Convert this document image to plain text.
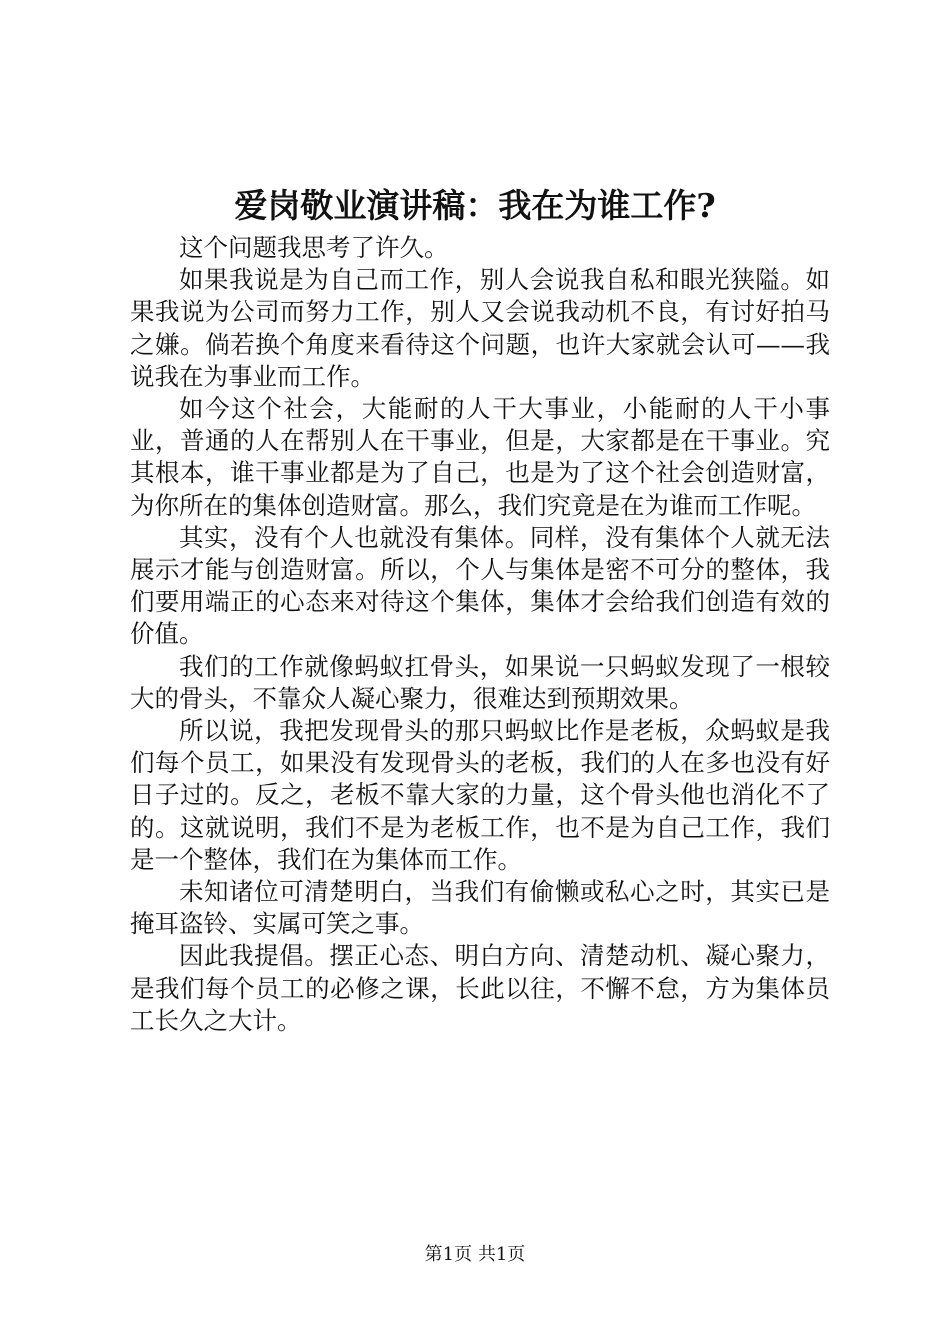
爱岗敬业演讲稿：我在为谁工作?

这个问题我思考了许久。

如果我说是为自己而工作，别人会说我自私和眼光狭隘。如果我说为公司而努力工作，别人又会说我动机不良，有讨好拍马之嫌。倘若换个角度来看待这个问题，也许大家就会认可——我说我在为事业而工作。

如今这个社会，大能耐的人干大事业，小能耐的人干小事业，普通的人在帮别人在干事业，但是，大家都是在干事业。究其根本，谁干事业都是为了自己，也是为了这个社会创造财富，为你所在的集体创造财富。那么，我们究竟是在为谁而工作呢。

其实，没有个人也就没有集体。同样，没有集体个人就无法展示才能与创造财富。所以，个人与集体是密不可分的整体，我们要用端正的心态来对待这个集体，集体才会给我们创造有效的价值。

我们的工作就像蚂蚁扛骨头，如果说一只蚂蚁发现了一根较大的骨头，不靠众人凝心聚力，很难达到预期效果。

所以说，我把发现骨头的那只蚂蚁比作是老板，众蚂蚁是我们每个员工，如果没有发现骨头的老板，我们的人在多也没有好日子过的。反之，老板不靠大家的力量，这个骨头他也消化不了的。这就说明，我们不是为老板工作，也不是为自己工作，我们是一个整体，我们在为集体而工作。

未知诸位可清楚明白，当我们有偷懒或私心之时，其实已是掩耳盗铃、实属可笑之事。

因此我提倡。摆正心态、明白方向、清楚动机、凝心聚力，是我们每个员工的必修之课，长此以往，不懈不怠，方为集体员工长久之大计。

第1页 共1页
